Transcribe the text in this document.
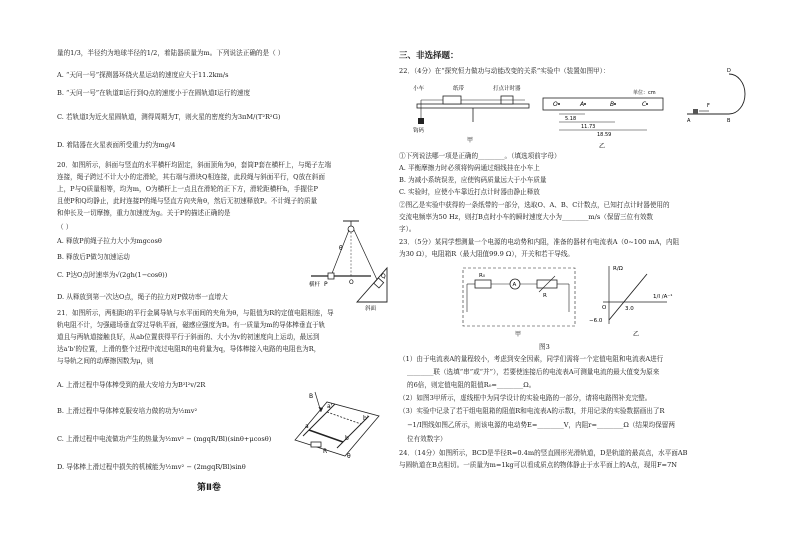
量的1/3，半径约为地球半径的1/2，着陆器质量为m。下列说法正确的是（ ）
A. “天问一号”探测器环绕火星运动的速度应大于11.2km/s
B. “天问一号”在轨道Ⅱ运行到Q点的速度小于在圆轨道Ⅰ运行的速度
C. 若轨道Ⅰ为近火星圆轨道，测得周期为T，则火星的密度约为3πM/(T²R²G)
D. 着陆器在火星表面所受重力约为mg/4
20．如图所示，斜面与竖直的水平横杆均固定，斜面顶角为θ，套筒P套在横杆上，与绳子左端
连接，绳子跨过不计大小的定滑轮，其右端与滑块Q相连接，此段绳与斜面平行，Q放在斜面
上，P与Q质量相等，均为m，O为横杆上一点且在滑轮的正下方，滑轮距横杆h，手握住P
且使P和Q均静止，此时连接P的绳与竖直方向夹角θ，然后无初速释放P。不计绳子的质量
和伸长及一切摩擦，重力加速度为g。关于P的描述正确的是
（ ）
A. 释放P前绳子拉力大小为mgcosθ
B. 释放后P做匀加速运动
C. P达O点时速率为√(2gh(1−cosθ))
D. 从释放到第一次达O点，绳子的拉力对P做功率一直增大
21．如图所示，两相距l的平行金属导轨与水平面间的夹角为θ，与阻值为R的定值电阻相连，导
轨电阻不计，匀强磁场垂直穿过导轨平面，磁感应强度为B。有一质量为m的导体棒垂直于轨
道且与两轨道接触良好，从ab位置获得平行于斜面的、大小为v的初速度向上运动，最远到
达a'b'的位置，上滑的整个过程中流过电阻R的电荷量为q，导体棒接入电路的电阻也为R，
与导轨之间的动摩擦因数为μ，则
A. 上滑过程中导体棒受到的最大安培力为B²l²v/2R
B. 上滑过程中导体棒克服安培力做的功为½mv²
C. 上滑过程中电流做功产生的热量为½mv² − (mgqR/Bl)(sinθ+μcosθ)
D. 导体棒上滑过程中损失的机械能为½mv² − (2mgqR/Bl)sinθ
第Ⅱ卷
O
P
Q
θ
横杆
斜面
a
b
a'
b'
R
B
θ
三、非选择题：
22．（4分）在“探究恒力做功与动能改变的关系”实验中（装置如图甲）：
小车	纸带	打点计时器
钩码
甲
O	A	B	C
单位：cm
5.18
11.73
18.59
乙
A
F
B
D
①下列说法哪一项是正确的________。（填选项前字母）
A. 平衡摩擦力时必须将钩码通过细线挂在小车上
B. 为减小系统误差，应使钩码质量远大于小车质量
C. 实验时，应使小车靠近打点计时器由静止释放
②图乙是实验中获得的一条纸带的一部分，选取O、A、B、C计数点，已知打点计时器使用的
交流电频率为50 Hz，则打B点时小车的瞬时速度大小为________m/s（保留三位有效数
字）。
23．（5分）某同学想测量一个电源的电动势和内阻，准备的器材有电流表A（0~100 mA，内阻
为30 Ω），电阻箱R（最大阻值99.9 Ω），开关和若干导线。
R₀
A
R
甲
R/Ω
1/I /A⁻¹
O	3.0
−6.0
乙
图3
（1）由于电流表A的量程较小，考虑到安全因素，同学们需将一个定值电阻和电流表A进行
________联（选填“串”或“并”），若要使连接后的电流表A可测量电流的最大值变为原来
的6倍，则定值电阻的阻值R₀=________Ω。
（2）如图3甲所示，虚线框中为同学设计的实验电路的一部分，请将电路图补充完整。
（3）实验中记录了若干组电阻箱的阻值R和电流表A的示数I，并用记录的实验数据画出了R
−1/I图线如图乙所示，则该电源的电动势E=________V，内阻r=________Ω（结果均保留两
位有效数字）
24．（14分）如图所示，BCD是半径R=0.4m的竖直圆形光滑轨道，D是轨道的最高点，水平面AB
与圆轨道在B点相切。一质量为m=1kg可以看成质点的物体静止于水平面上的A点，现用F=7N
